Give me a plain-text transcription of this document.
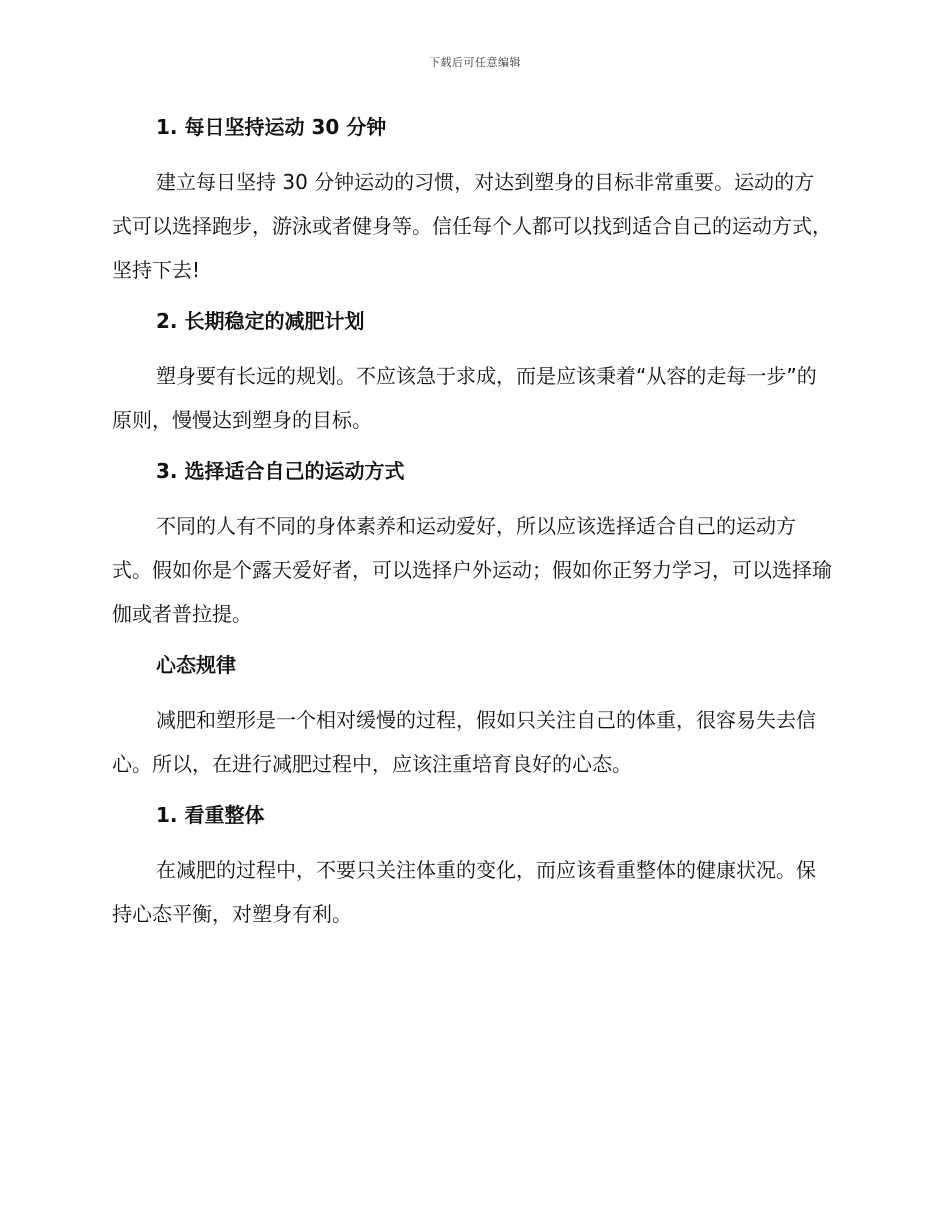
下载后可任意编辑
1. 每日坚持运动 30 分钟

建立每日坚持 30 分钟运动的习惯，对达到塑身的目标非常重要。运动的方式可以选择跑步，游泳或者健身等。信任每个人都可以找到适合自己的运动方式，坚持下去!

2. 长期稳定的减肥计划

塑身要有长远的规划。不应该急于求成，而是应该秉着“从容的走每一步”的原则，慢慢达到塑身的目标。

3. 选择适合自己的运动方式

不同的人有不同的身体素养和运动爱好，所以应该选择适合自己的运动方式。假如你是个露天爱好者，可以选择户外运动；假如你正努力学习，可以选择瑜伽或者普拉提。

心态规律

减肥和塑形是一个相对缓慢的过程，假如只关注自己的体重，很容易失去信心。所以，在进行减肥过程中，应该注重培育良好的心态。

1. 看重整体

在减肥的过程中，不要只关注体重的变化，而应该看重整体的健康状况。保持心态平衡，对塑身有利。
